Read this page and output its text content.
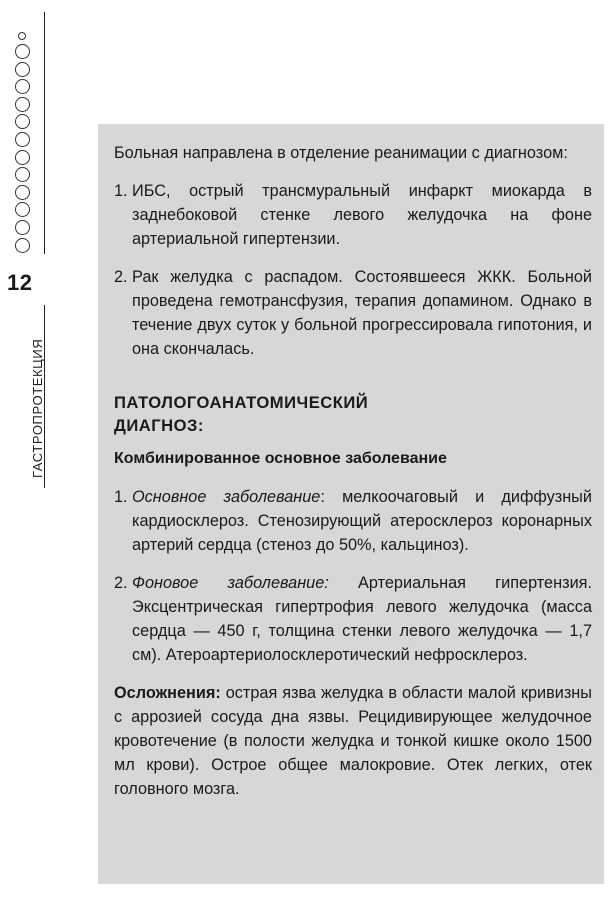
12
ГАСТРОПРОТЕКЦИЯ

Больная направлена в отделение реанимации с диагнозом:

1. ИБС, острый трансмуральный инфаркт миокарда в заднебоковой стенке левого желудочка на фоне артериальной гипертензии.
2. Рак желудка с распадом. Состоявшееся ЖКК. Больной проведена гемотрансфузия, терапия допамином. Однако в течение двух суток у больной прогрессировала гипотония, и она скончалась.
ПАТОЛОГОАНАТОМИЧЕСКИЙ
ДИАГНОЗ:
Комбинированное основное заболевание
1. Основное заболевание: мелкоочаговый и диффузный кардиосклероз. Стенозирующий атеросклероз коронарных артерий сердца (стеноз до 50%, кальциноз).
2. Фоновое заболевание: Артериальная гипертензия. Эксцентрическая гипертрофия левого желудочка (масса сердца — 450 г, толщина стенки левого желудочка — 1,7 см). Атероартериолосклеротический нефросклероз.

Осложнения: острая язва желудка в области малой кривизны с аррозией сосуда дна язвы. Рецидивирующее желудочное кровотечение (в полости желудка и тонкой кишке около 1500 мл крови). Острое общее малокровие. Отек легких, отек головного мозга.
